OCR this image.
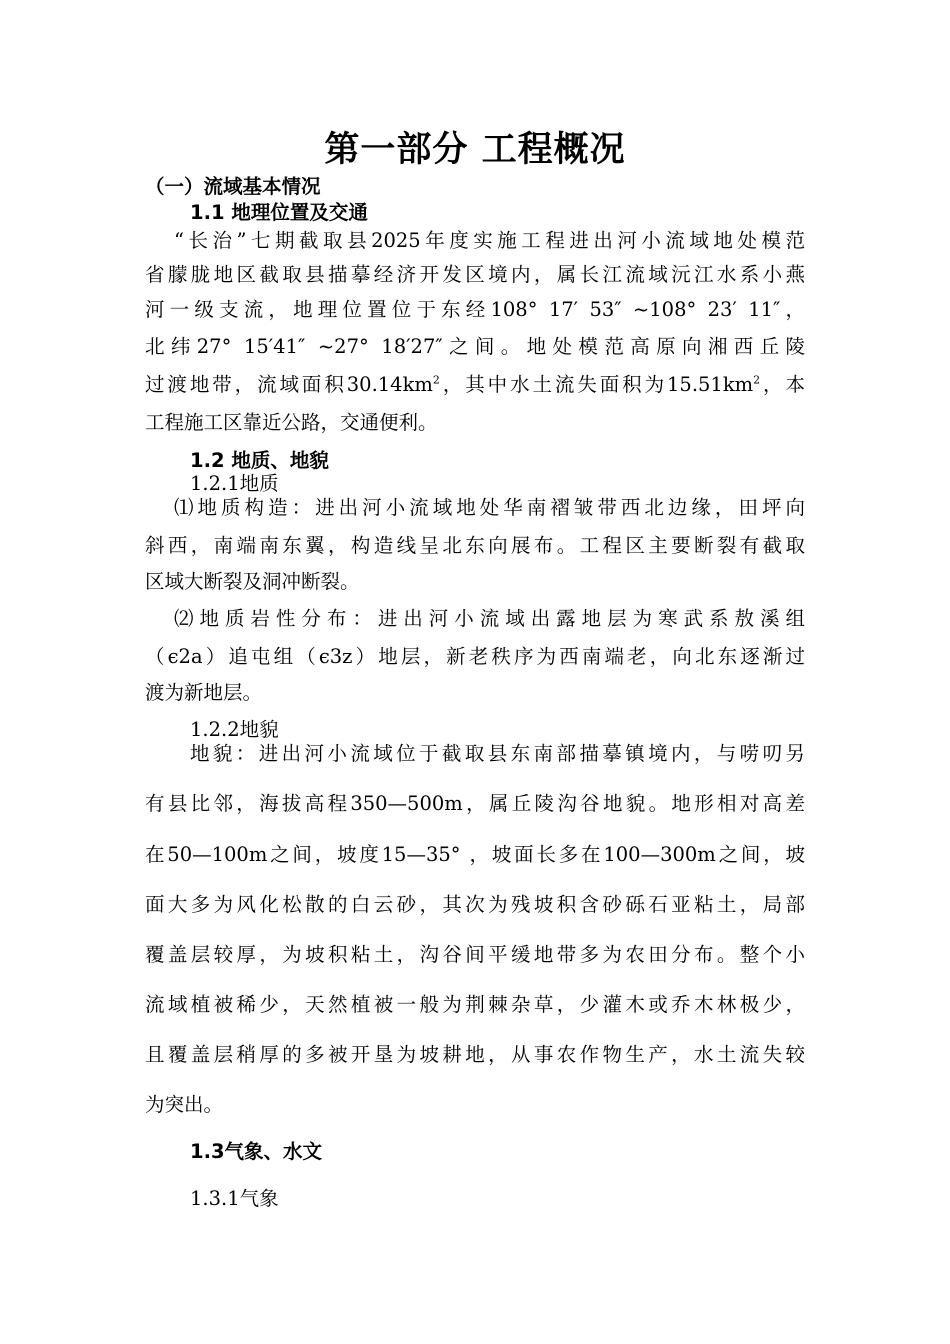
第一部分 工程概况
（一）流域基本情况
1.1 地理位置及交通
“长治”七期截取县2025年度实施工程进出河小流域地处模范
省朦胧地区截取县描摹经济开发区境内，属长江流域沅江水系小燕
河一级支流，地理位置位于东经108° 17′ 53″ ~108° 23′ 11″，
北纬27° 15′41″ ~27° 18′27″之间。地处模范高原向湘西丘陵
过渡地带，流域面积$30.14km^2$，其中水土流失面积为$15.51km^2$，本
工程施工区靠近公路，交通便利。
1.2 地质、地貌
1.2.1地质
⑴地质构造：进出河小流域地处华南褶皱带西北边缘，田坪向
斜西，南端南东翼，构造线呈北东向展布。工程区主要断裂有截取
区域大断裂及洞冲断裂。
⑵地质岩性分布：进出河小流域出露地层为寒武系敖溪组
（є2a）追屯组（є3z）地层，新老秩序为西南端老，向北东逐渐过
渡为新地层。
1.2.2地貌
地貌：进出河小流域位于截取县东南部描摹镇境内，与唠叨另
有县比邻，海拔高程350—500m，属丘陵沟谷地貌。地形相对高差
在50—100m之间，坡度15—35° ，坡面长多在100—300m之间，坡
面大多为风化松散的白云砂，其次为残坡积含砂砾石亚粘土，局部
覆盖层较厚，为坡积粘土，沟谷间平缓地带多为农田分布。整个小
流域植被稀少，天然植被一般为荆棘杂草，少灌木或乔木林极少，
且覆盖层稍厚的多被开垦为坡耕地，从事农作物生产，水土流失较
为突出。
1.3气象、水文
1.3.1气象
